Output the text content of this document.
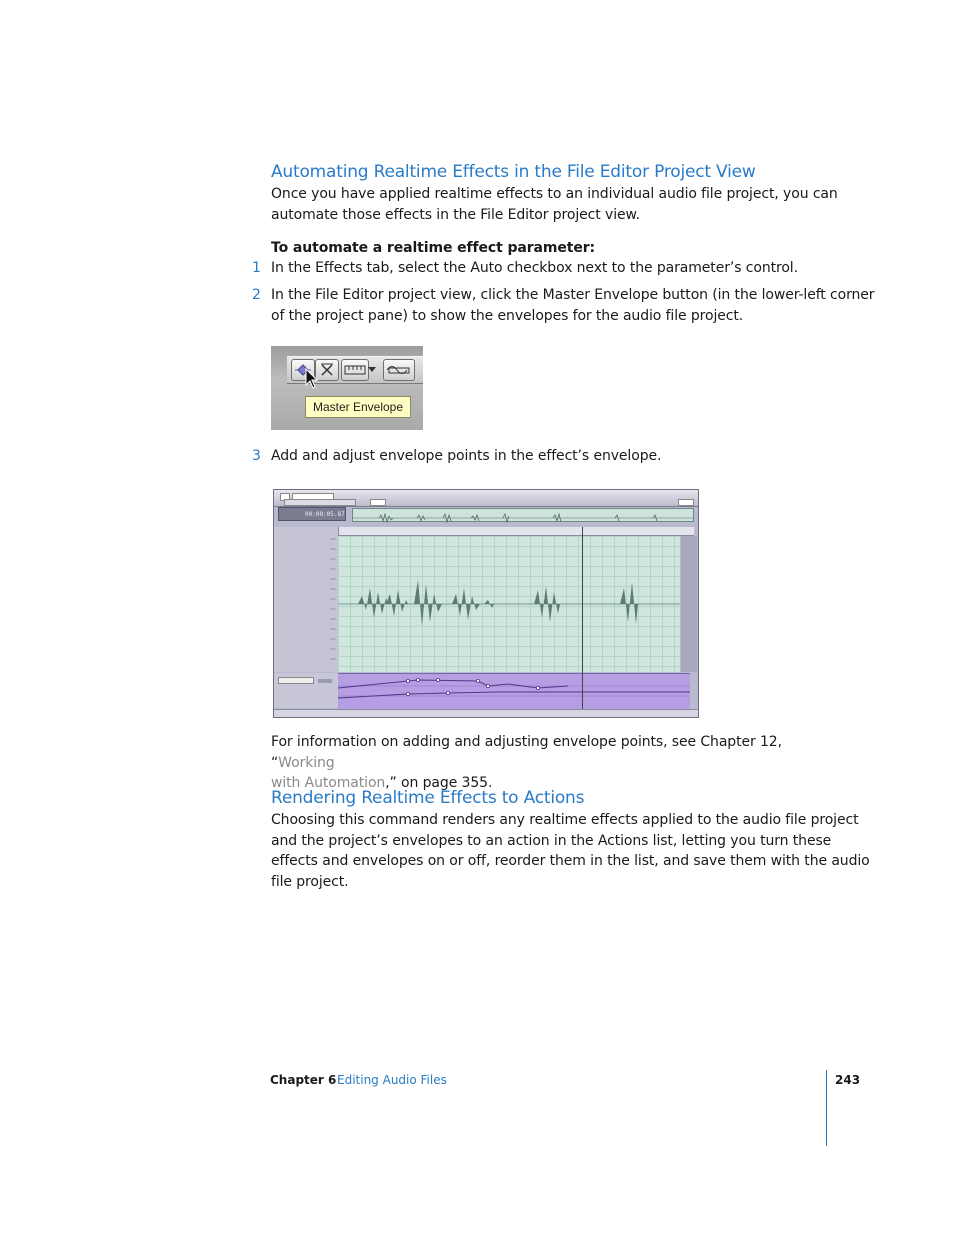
Automating Realtime Effects in the File Editor Project View
Once you have applied realtime effects to an individual audio file project, you can
automate those effects in the File Editor project view.
To automate a realtime effect parameter:
1 In the Effects tab, select the Auto checkbox next to the parameter’s control.
2 In the File Editor project view, click the Master Envelope button (in the lower-left corner
of the project pane) to show the envelopes for the audio file project.
Master Envelope
3 Add and adjust envelope points in the effect’s envelope.
00:00:05.87
For information on adding and adjusting envelope points, see Chapter 12, “Working
with Automation,” on page 355.
Rendering Realtime Effects to Actions
Choosing this command renders any realtime effects applied to the audio file project
and the project’s envelopes to an action in the Actions list, letting you turn these
effects and envelopes on or off, reorder them in the list, and save them with the audio
file project.
Chapter 6 Editing Audio Files	243
